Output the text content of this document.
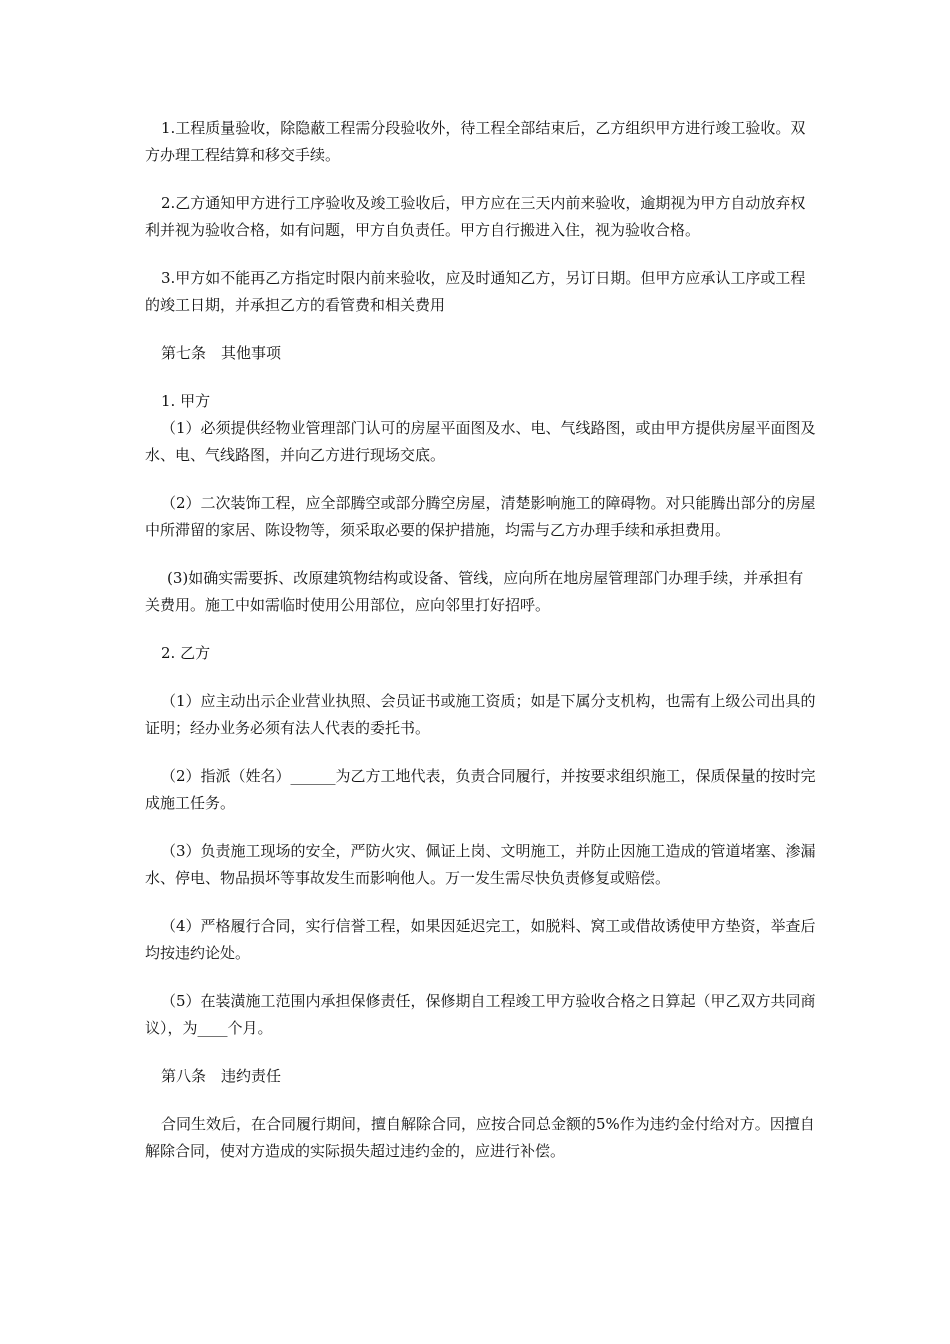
1.工程质量验收，除隐蔽工程需分段验收外，待工程全部结束后，乙方组织甲方进行竣工验收。双方办理工程结算和移交手续。

2.乙方通知甲方进行工序验收及竣工验收后，甲方应在三天内前来验收，逾期视为甲方自动放弃权利并视为验收合格，如有问题，甲方自负责任。甲方自行搬进入住，视为验收合格。

3.甲方如不能再乙方指定时限内前来验收，应及时通知乙方，另订日期。但甲方应承认工序或工程的竣工日期，并承担乙方的看管费和相关费用

第七条　其他事项

1. 甲方

（1）必须提供经物业管理部门认可的房屋平面图及水、电、气线路图，或由甲方提供房屋平面图及水、电、气线路图，并向乙方进行现场交底。

（2）二次装饰工程，应全部腾空或部分腾空房屋，清楚影响施工的障碍物。对只能腾出部分的房屋中所滞留的家居、陈设物等，须采取必要的保护措施，均需与乙方办理手续和承担费用。

(3)如确实需要拆、改原建筑物结构或设备、管线，应向所在地房屋管理部门办理手续，并承担有关费用。施工中如需临时使用公用部位，应向邻里打好招呼。

2. 乙方

（1）应主动出示企业营业执照、会员证书或施工资质；如是下属分支机构，也需有上级公司出具的证明；经办业务必须有法人代表的委托书。

（2）指派（姓名）______为乙方工地代表，负责合同履行，并按要求组织施工，保质保量的按时完成施工任务。

（3）负责施工现场的安全，严防火灾、佩证上岗、文明施工，并防止因施工造成的管道堵塞、渗漏水、停电、物品损坏等事故发生而影响他人。万一发生需尽快负责修复或赔偿。

（4）严格履行合同，实行信誉工程，如果因延迟完工，如脱料、窝工或借故诱使甲方垫资，举查后均按违约论处。

（5）在装潢施工范围内承担保修责任，保修期自工程竣工甲方验收合格之日算起（甲乙双方共同商议），为____个月。

第八条　违约责任

合同生效后，在合同履行期间，擅自解除合同，应按合同总金额的5%作为违约金付给对方。因擅自解除合同，使对方造成的实际损失超过违约金的，应进行补偿。
